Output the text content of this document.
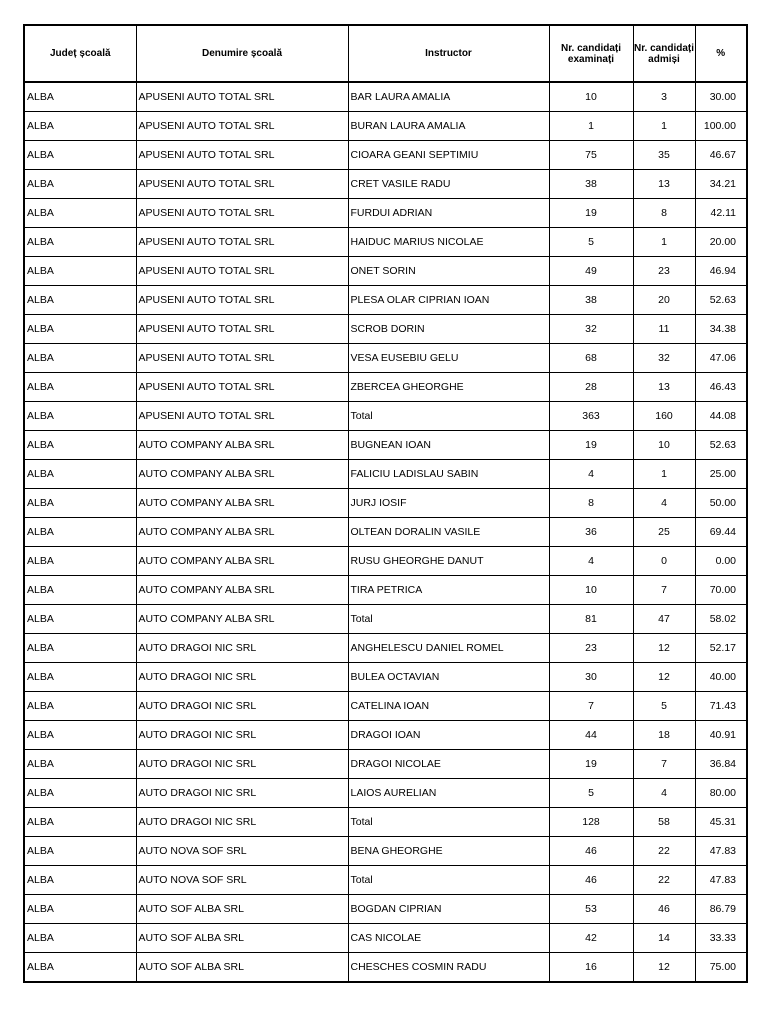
Județ școală	Denumire școală	Instructor	Nr. candidați examinați	Nr. candidați admiși	%
ALBA	APUSENI AUTO TOTAL SRL	BAR LAURA AMALIA	10	3	30.00
ALBA	APUSENI AUTO TOTAL SRL	BURAN LAURA AMALIA	1	1	100.00
ALBA	APUSENI AUTO TOTAL SRL	CIOARA GEANI SEPTIMIU	75	35	46.67
ALBA	APUSENI AUTO TOTAL SRL	CRET VASILE RADU	38	13	34.21
ALBA	APUSENI AUTO TOTAL SRL	FURDUI ADRIAN	19	8	42.11
ALBA	APUSENI AUTO TOTAL SRL	HAIDUC MARIUS NICOLAE	5	1	20.00
ALBA	APUSENI AUTO TOTAL SRL	ONET SORIN	49	23	46.94
ALBA	APUSENI AUTO TOTAL SRL	PLESA OLAR CIPRIAN IOAN	38	20	52.63
ALBA	APUSENI AUTO TOTAL SRL	SCROB DORIN	32	11	34.38
ALBA	APUSENI AUTO TOTAL SRL	VESA EUSEBIU GELU	68	32	47.06
ALBA	APUSENI AUTO TOTAL SRL	ZBERCEA GHEORGHE	28	13	46.43
ALBA	APUSENI AUTO TOTAL SRL	Total	363	160	44.08
ALBA	AUTO COMPANY ALBA SRL	BUGNEAN IOAN	19	10	52.63
ALBA	AUTO COMPANY ALBA SRL	FALICIU LADISLAU SABIN	4	1	25.00
ALBA	AUTO COMPANY ALBA SRL	JURJ IOSIF	8	4	50.00
ALBA	AUTO COMPANY ALBA SRL	OLTEAN DORALIN VASILE	36	25	69.44
ALBA	AUTO COMPANY ALBA SRL	RUSU GHEORGHE DANUT	4	0	0.00
ALBA	AUTO COMPANY ALBA SRL	TIRA PETRICA	10	7	70.00
ALBA	AUTO COMPANY ALBA SRL	Total	81	47	58.02
ALBA	AUTO DRAGOI NIC SRL	ANGHELESCU DANIEL ROMEL	23	12	52.17
ALBA	AUTO DRAGOI NIC SRL	BULEA OCTAVIAN	30	12	40.00
ALBA	AUTO DRAGOI NIC SRL	CATELINA IOAN	7	5	71.43
ALBA	AUTO DRAGOI NIC SRL	DRAGOI IOAN	44	18	40.91
ALBA	AUTO DRAGOI NIC SRL	DRAGOI NICOLAE	19	7	36.84
ALBA	AUTO DRAGOI NIC SRL	LAIOS AURELIAN	5	4	80.00
ALBA	AUTO DRAGOI NIC SRL	Total	128	58	45.31
ALBA	AUTO NOVA SOF SRL	BENA GHEORGHE	46	22	47.83
ALBA	AUTO NOVA SOF SRL	Total	46	22	47.83
ALBA	AUTO SOF ALBA SRL	BOGDAN CIPRIAN	53	46	86.79
ALBA	AUTO SOF ALBA SRL	CAS NICOLAE	42	14	33.33
ALBA	AUTO SOF ALBA SRL	CHESCHES COSMIN RADU	16	12	75.00
